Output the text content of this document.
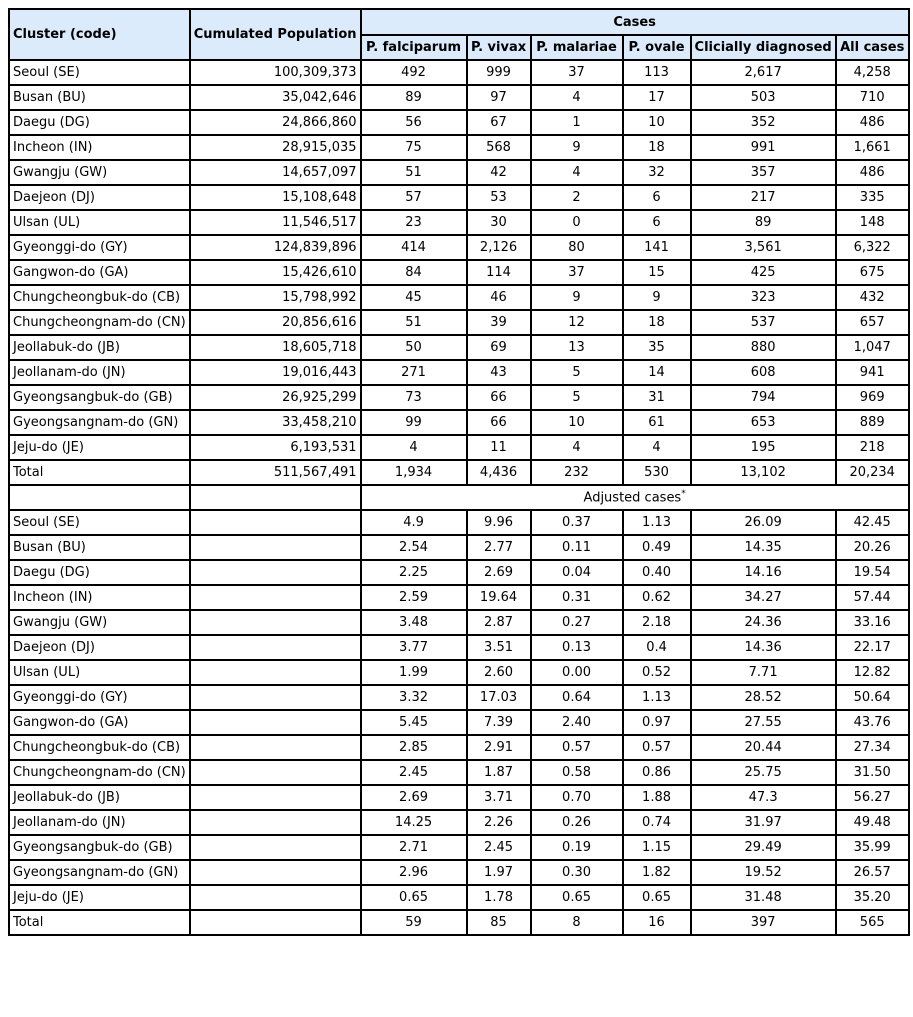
Cluster (code)	Cumulated Population	Cases					
		P. falciparum	P. vivax	P. malariae	P. ovale	Clicially diagnosed	All cases
Seoul (SE)	100,309,373	492	999	37	113	2,617	4,258
Busan (BU)	35,042,646	89	97	4	17	503	710
Daegu (DG)	24,866,860	56	67	1	10	352	486
Incheon (IN)	28,915,035	75	568	9	18	991	1,661
Gwangju (GW)	14,657,097	51	42	4	32	357	486
Daejeon (DJ)	15,108,648	57	53	2	6	217	335
Ulsan (UL)	11,546,517	23	30	0	6	89	148
Gyeonggi-do (GY)	124,839,896	414	2,126	80	141	3,561	6,322
Gangwon-do (GA)	15,426,610	84	114	37	15	425	675
Chungcheongbuk-do (CB)	15,798,992	45	46	9	9	323	432
Chungcheongnam-do (CN)	20,856,616	51	39	12	18	537	657
Jeollabuk-do (JB)	18,605,718	50	69	13	35	880	1,047
Jeollanam-do (JN)	19,016,443	271	43	5	14	608	941
Gyeongsangbuk-do (GB)	26,925,299	73	66	5	31	794	969
Gyeongsangnam-do (GN)	33,458,210	99	66	10	61	653	889
Jeju-do (JE)	6,193,531	4	11	4	4	195	218
Total	511,567,491	1,934	4,436	232	530	13,102	20,234
		Adjusted cases*
Seoul (SE)		4.9	9.96	0.37	1.13	26.09	42.45
Busan (BU)		2.54	2.77	0.11	0.49	14.35	20.26
Daegu (DG)		2.25	2.69	0.04	0.40	14.16	19.54
Incheon (IN)		2.59	19.64	0.31	0.62	34.27	57.44
Gwangju (GW)		3.48	2.87	0.27	2.18	24.36	33.16
Daejeon (DJ)		3.77	3.51	0.13	0.4	14.36	22.17
Ulsan (UL)		1.99	2.60	0.00	0.52	7.71	12.82
Gyeonggi-do (GY)		3.32	17.03	0.64	1.13	28.52	50.64
Gangwon-do (GA)		5.45	7.39	2.40	0.97	27.55	43.76
Chungcheongbuk-do (CB)		2.85	2.91	0.57	0.57	20.44	27.34
Chungcheongnam-do (CN)		2.45	1.87	0.58	0.86	25.75	31.50
Jeollabuk-do (JB)		2.69	3.71	0.70	1.88	47.3	56.27
Jeollanam-do (JN)		14.25	2.26	0.26	0.74	31.97	49.48
Gyeongsangbuk-do (GB)		2.71	2.45	0.19	1.15	29.49	35.99
Gyeongsangnam-do (GN)		2.96	1.97	0.30	1.82	19.52	26.57
Jeju-do (JE)		0.65	1.78	0.65	0.65	31.48	35.20
Total		59	85	8	16	397	565
